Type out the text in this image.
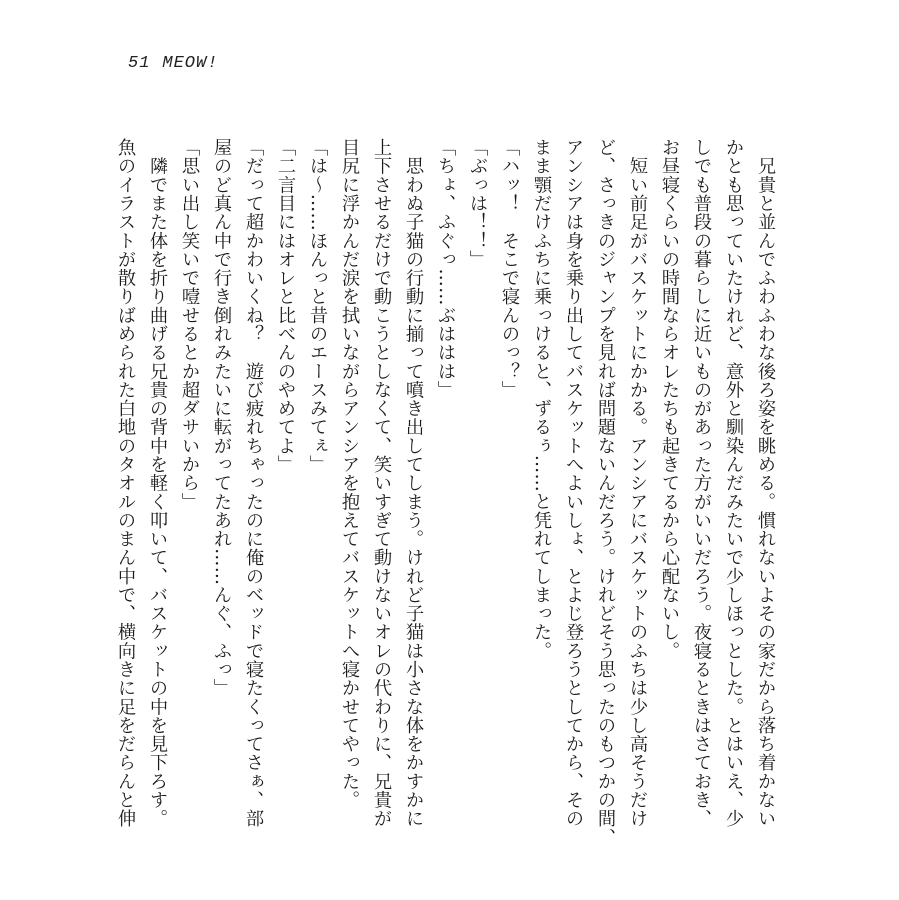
51 MEOW!
　兄貴と並んでふわふわな後ろ姿を眺める。慣れないよその家だから落ち着かない
かとも思っていたけれど、意外と馴染んだみたいで少しほっとした。とはいえ、少
しでも普段の暮らしに近いものがあった方がいいだろう。夜寝るときはさておき、
お昼寝くらいの時間ならオレたちも起きてるから心配ないし。
　短い前足がバスケットにかかる。アンシアにバスケットのふちは少し高そうだけ
ど、さっきのジャンプを見れば問題ないんだろう。けれどそう思ったのもつかの間、
アンシアは身を乗り出してバスケットへよいしょ、とよじ登ろうとしてから、その
まま顎だけふちに乗っけると、ずるぅ……と凭れてしまった。
「ハッ！　そこで寝んのっ？」
「ぶっは！！」
「ちょ、ふぐっ……ぶははは」
　思わぬ子猫の行動に揃って噴き出してしまう。けれど子猫は小さな体をかすかに
上下させるだけで動こうとしなくて、笑いすぎて動けないオレの代わりに、兄貴が
目尻に浮かんだ涙を拭いながらアンシアを抱えてバスケットへ寝かせてやった。
「は〜……ほんっと昔のエースみてぇ」
「二言目にはオレと比べんのやめてよ」
「だって超かわいくね？　遊び疲れちゃったのに俺のベッドで寝たくってさぁ、部
屋のど真ん中で行き倒れみたいに転がってたあれ……んぐ、ふっ」
「思い出し笑いで噎せるとか超ダサいから」
　隣でまた体を折り曲げる兄貴の背中を軽く叩いて、バスケットの中を見下ろす。
魚のイラストが散りばめられた白地のタオルのまん中で、横向きに足をだらんと伸
